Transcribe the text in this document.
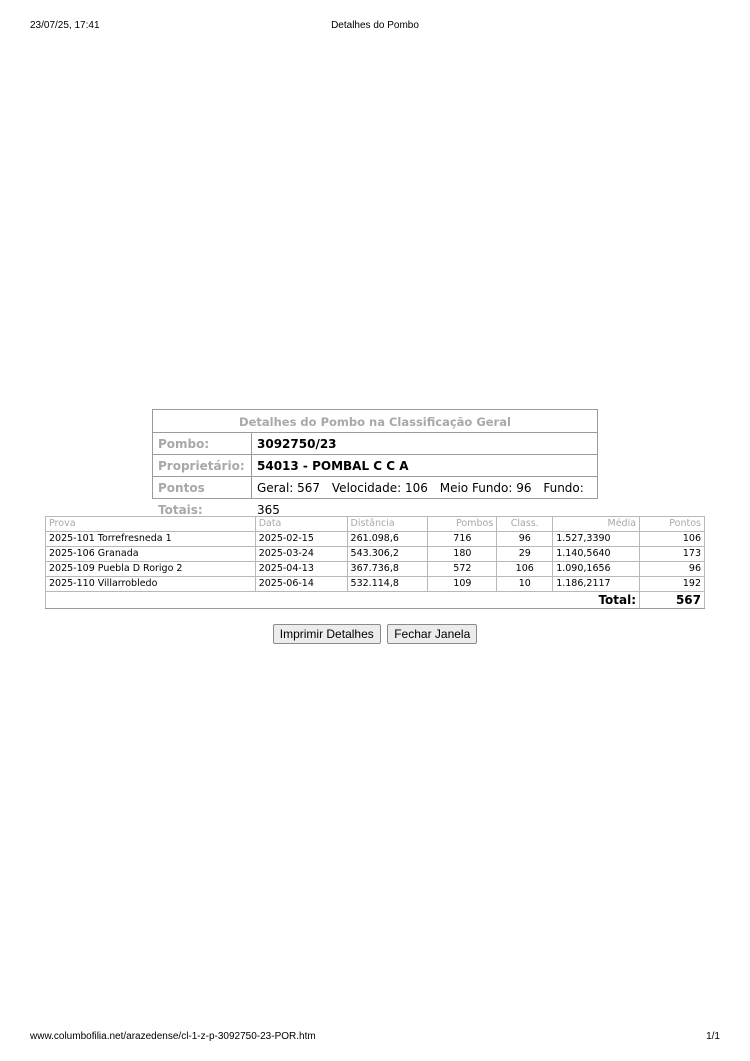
23/07/25, 17:41	Detalhes do Pombo
Detalhes do Pombo na Classificação Geral
Pombo:	3092750/23
Proprietário:	54013 - POMBAL C C A
Pontos Totais:
Geral: 567 Velocidade: 106 Meio Fundo: 96 Fundo: 365
Prova	Data	Distância	Pombos	Class.	Média	Pontos
2025-101 Torrefresneda 1	2025-02-15	261.098,6	716	96	1.527,3390	106
2025-106 Granada	2025-03-24	543.306,2	180	29	1.140,5640	173
2025-109 Puebla D Rorigo 2	2025-04-13	367.736,8	572	106	1.090,1656	96
2025-110 Villarrobledo	2025-06-14	532.114,8	109	10	1.186,2117	192
Total:						567
Imprimir Detalhes Fechar Janela
www.columbofilia.net/arazedense/cl-1-z-p-3092750-23-POR.htm	1/1
